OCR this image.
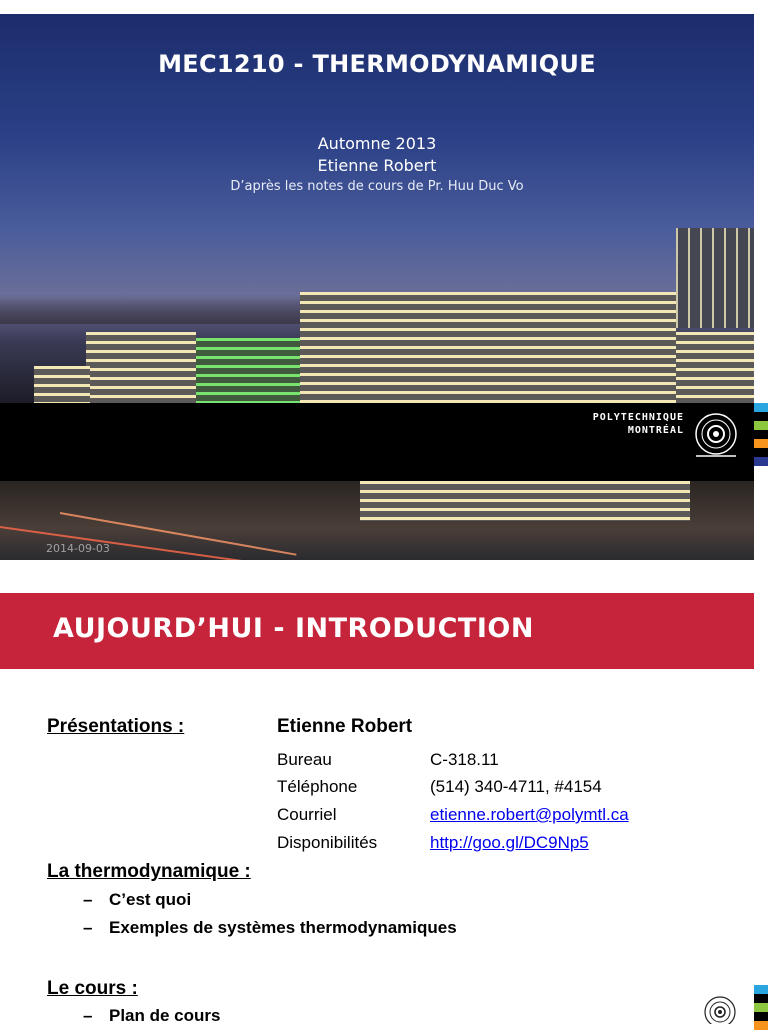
MEC1210 - THERMODYNAMIQUE
Automne 2013
Etienne Robert
D’après les notes de cours de Pr. Huu Duc Vo
POLYTECHNIQUE
MONTRÉAL
2014-09-03
AUJOURD’HUI - INTRODUCTION
Présentations :	Etienne Robert
Bureau	C-318.11
Téléphone	(514) 340-4711, #4154
Courriel	etienne.robert@polymtl.ca
Disponibilités	http://goo.gl/DC9Np5
La thermodynamique :
– C’est quoi
– Exemples de systèmes thermodynamiques
Le cours :
– Plan de cours
